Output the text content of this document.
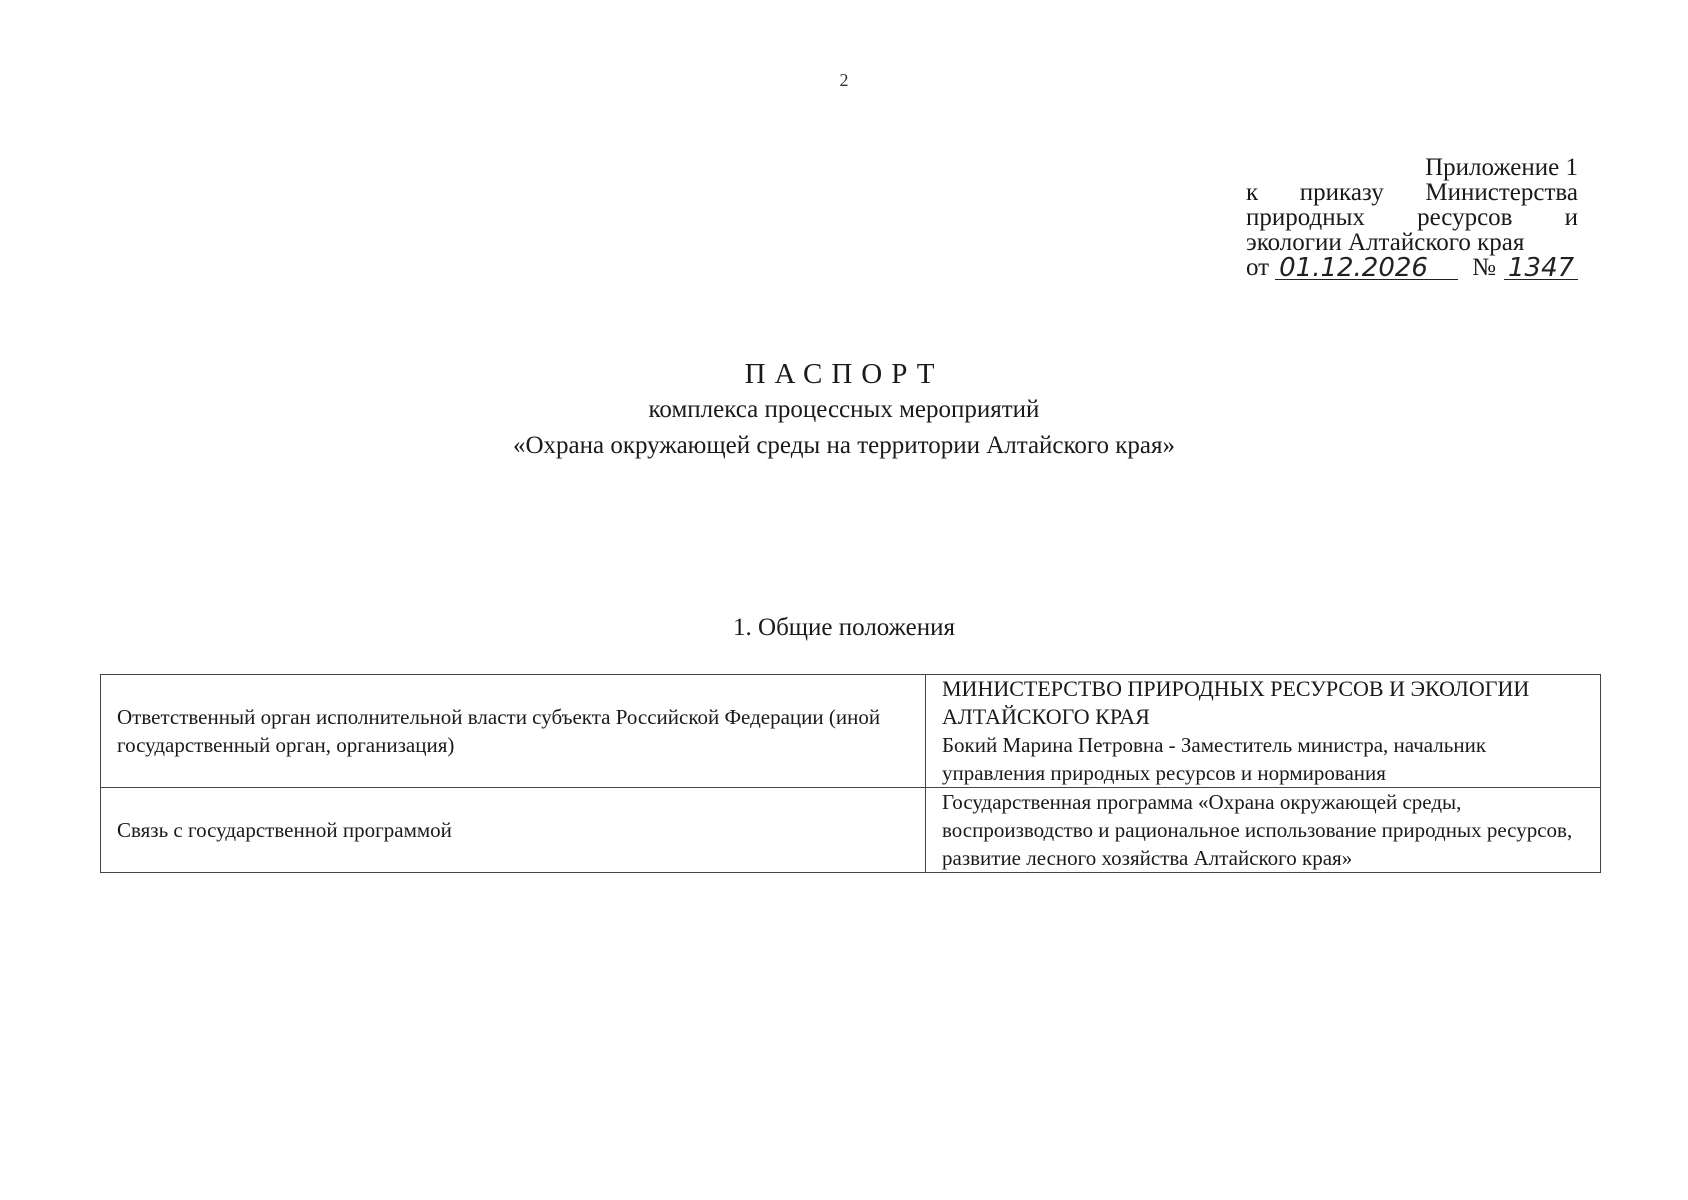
2
Приложение 1
к приказу Министерства
природных ресурсов и
экологии Алтайского края
от 01.12.2026	№ 1347
ПАСПОРТ
комплекса процессных мероприятий
«Охрана окружающей среды на территории Алтайского края»
1. Общие положения
Ответственный орган исполнительной власти субъекта Российской Федерации (иной государственный орган, организация)	МИНИСТЕРСТВО ПРИРОДНЫХ РЕСУРСОВ И ЭКОЛОГИИ АЛТАЙСКОГО КРАЯ
Бокий Марина Петровна - Заместитель министра, начальник управления природных ресурсов и нормирования

Связь с государственной программой	Государственная программа «Охрана окружающей среды, воспроизводство и рациональное использование природных ресурсов, развитие лесного хозяйства Алтайского края»
